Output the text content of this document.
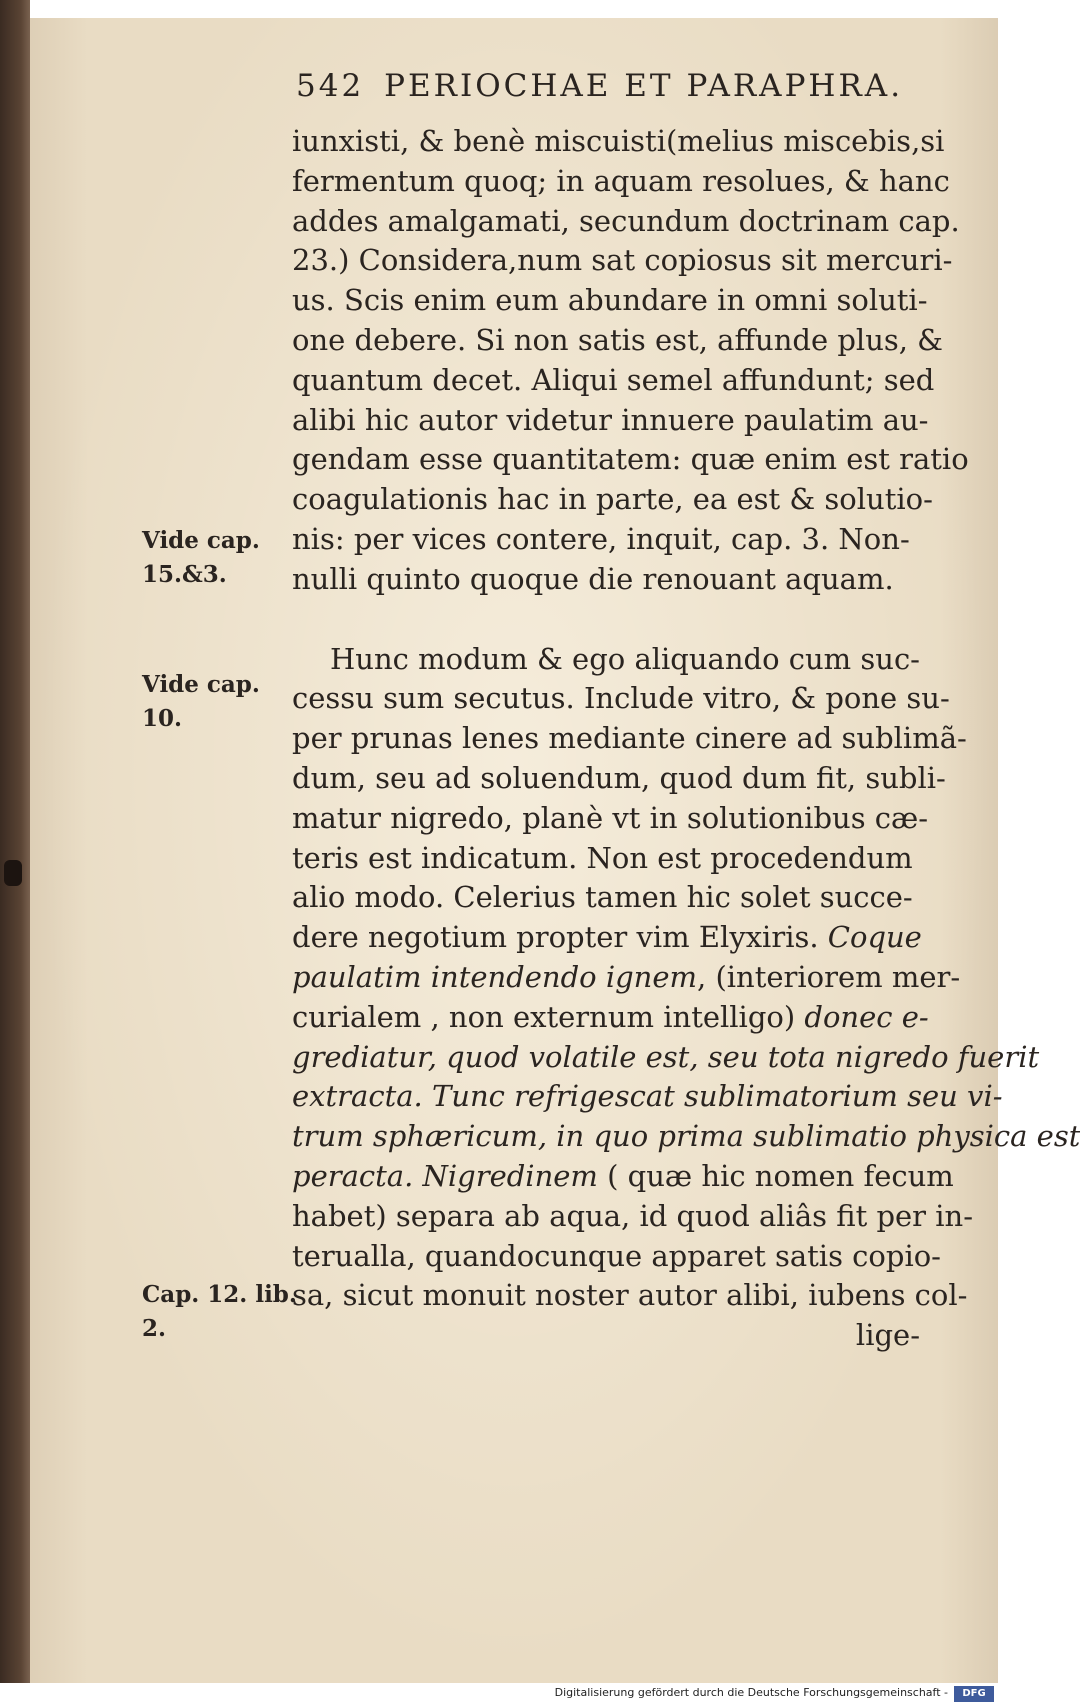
542 PERIOCHAE ET PARAPHRA.
Vide cap.
15.&3.
Vide cap.
10.
Cap. 12. lib.
2.
iunxisti, & benè miscuisti(melius miscebis,si
fermentum quoq; in aquam resolues, & hanc
addes amalgamati, secundum doctrinam cap.
23.) Considera,num sat copiosus sit mercuri-
us. Scis enim eum abundare in omni soluti-
one debere. Si non satis est, affunde plus, &
quantum decet. Aliqui semel affundunt; sed
alibi hic autor videtur innuere paulatim au-
gendam esse quantitatem: quæ enim est ratio
coagulationis hac in parte, ea est & solutio-
nis: per vices contere, inquit, cap. 3. Non-
nulli quinto quoque die renouant aquam.
Hunc modum & ego aliquando cum suc-
cessu sum secutus. Include vitro, & pone su-
per prunas lenes mediante cinere ad sublimã-
dum, seu ad soluendum, quod dum fit, subli-
matur nigredo, planè vt in solutionibus cæ-
teris est indicatum. Non est procedendum
alio modo. Celerius tamen hic solet succe-
dere negotium propter vim Elyxiris. Coque
paulatim intendendo ignem, (interiorem mer-
curialem , non externum intelligo) donec e-
grediatur, quod volatile est, seu tota nigredo fuerit
extracta. Tunc refrigescat sublimatorium seu vi-
trum sphæricum, in quo prima sublimatio physica est
peracta. Nigredinem ( quæ hic nomen fecum
habet) separa ab aqua, id quod aliâs fit per in-
terualla, quandocunque apparet satis copio-
sa, sicut monuit noster autor alibi, iubens col-
lige-
Digitalisierung gefördert durch die Deutsche Forschungsgemeinschaft -	DFG
